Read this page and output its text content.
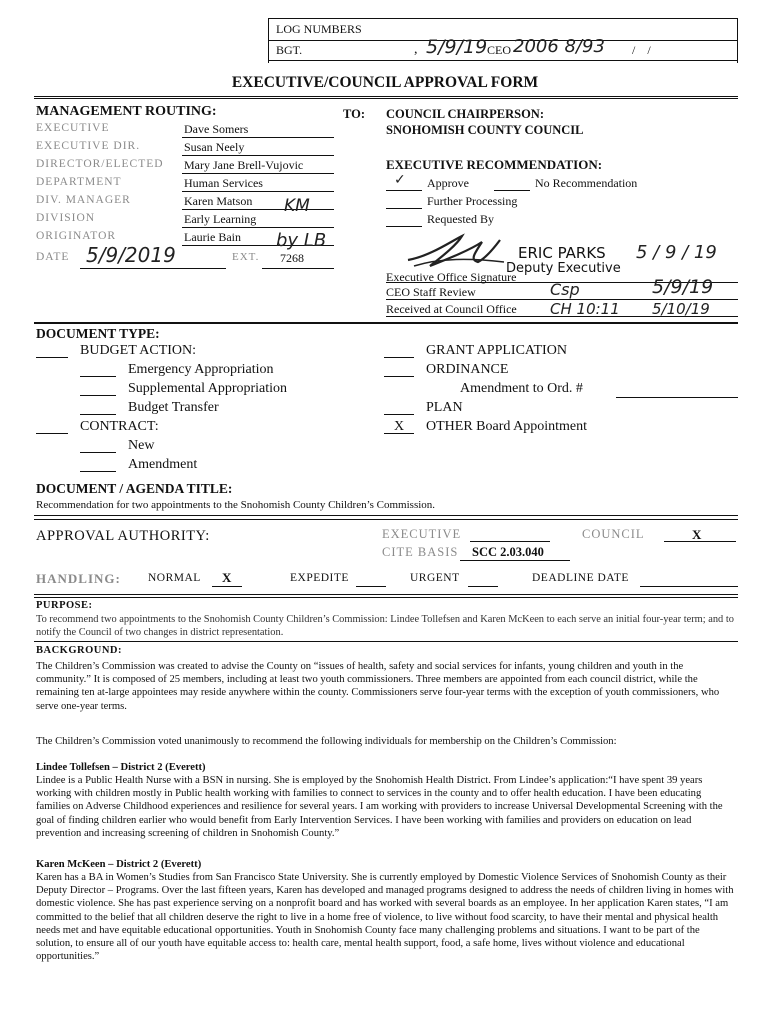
LOG NUMBERS
BGT.	, 5/9/19 CEO 2006 8/93 /    /
EXECUTIVE/COUNCIL APPROVAL FORM
MANAGEMENT ROUTING:	TO:
EXECUTIVE	Dave Somers
EXECUTIVE DIR.	Susan Neely
DIRECTOR/ELECTED Mary Jane Brell-Vujovic
DEPARTMENT	Human Services
DIV. MANAGER	Karen Matson
DIVISION	Early Learning
ORIGINATOR	Laurie Bain
KM
by LB
DATE 5/9/2019	EXT. 7268
COUNCIL CHAIRPERSON:
SNOHOMISH COUNTY COUNCIL
EXECUTIVE RECOMMENDATION:
✓ Approve	No Recommendation
Further Processing
Requested By
ERIC PARKS
Deputy Executive
5 / 9 / 19
Executive Office Signature
CEO Staff Review	Csp	5/9/19
Received at Council Office CH 10:11 5/10/19
DOCUMENT TYPE:
BUDGET ACTION:
Emergency Appropriation
Supplemental Appropriation
Budget Transfer
CONTRACT:
New
Amendment
GRANT APPLICATION
ORDINANCE
Amendment to Ord. #
PLAN
X OTHER Board Appointment
DOCUMENT / AGENDA TITLE:
Recommendation for two appointments to the Snohomish County Children’s Commission.
APPROVAL AUTHORITY:	EXECUTIVE	COUNCIL	X
CITE BASIS SCC 2.03.040
HANDLING: NORMAL X	EXPEDITE	URGENT	DEADLINE DATE
PURPOSE:
To recommend two appointments to the Snohomish County Children’s Commission: Lindee Tollefsen and Karen McKeen to each serve an initial four-year term; and to notify the Council of two changes in district representation.
BACKGROUND:
The Children’s Commission was created to advise the County on “issues of health, safety and social services for infants, young children and youth in the community.” It is composed of 25 members, including at least two youth commissioners. Three members are appointed from each council district, while the remaining ten at-large appointees may reside anywhere within the county. Commissioners serve four-year terms with the exception of youth commissioners, who serve one-year terms.
The Children’s Commission voted unanimously to recommend the following individuals for membership on the Children’s Commission:
Lindee Tollefsen – District 2 (Everett)
Lindee is a Public Health Nurse with a BSN in nursing. She is employed by the Snohomish Health District. From Lindee’s application:“I have spent 39 years working with children mostly in Public health working with families to connect to services in the county and to offer health education. I have been educating families on Adverse Childhood experiences and resilience for several years. I am working with providers to increase Universal Developmental Screening with the goal of finding children earlier who would benefit from Early Intervention Services. I have been working with families and providers on education on lead prevention and increasing screening of children in Snohomish County.”
Karen McKeen – District 2 (Everett)
Karen has a BA in Women’s Studies from San Francisco State University. She is currently employed by Domestic Violence Services of Snohomish County as their Deputy Director – Programs. Over the last fifteen years, Karen has developed and managed programs designed to address the needs of children living in homes with domestic violence. She has past experience serving on a nonprofit board and has worked with several boards as an employee. In her application Karen states, “I am committed to the belief that all children deserve the right to live in a home free of violence, to live without food scarcity, to have their mental and physical health needs met and have equitable educational opportunities. Youth in Snohomish County face many challenging problems and situations. I want to be part of the solution, to ensure all of our youth have equitable access to: health care, mental health support, food, a safe home, lives without violence and educational opportunities.”
